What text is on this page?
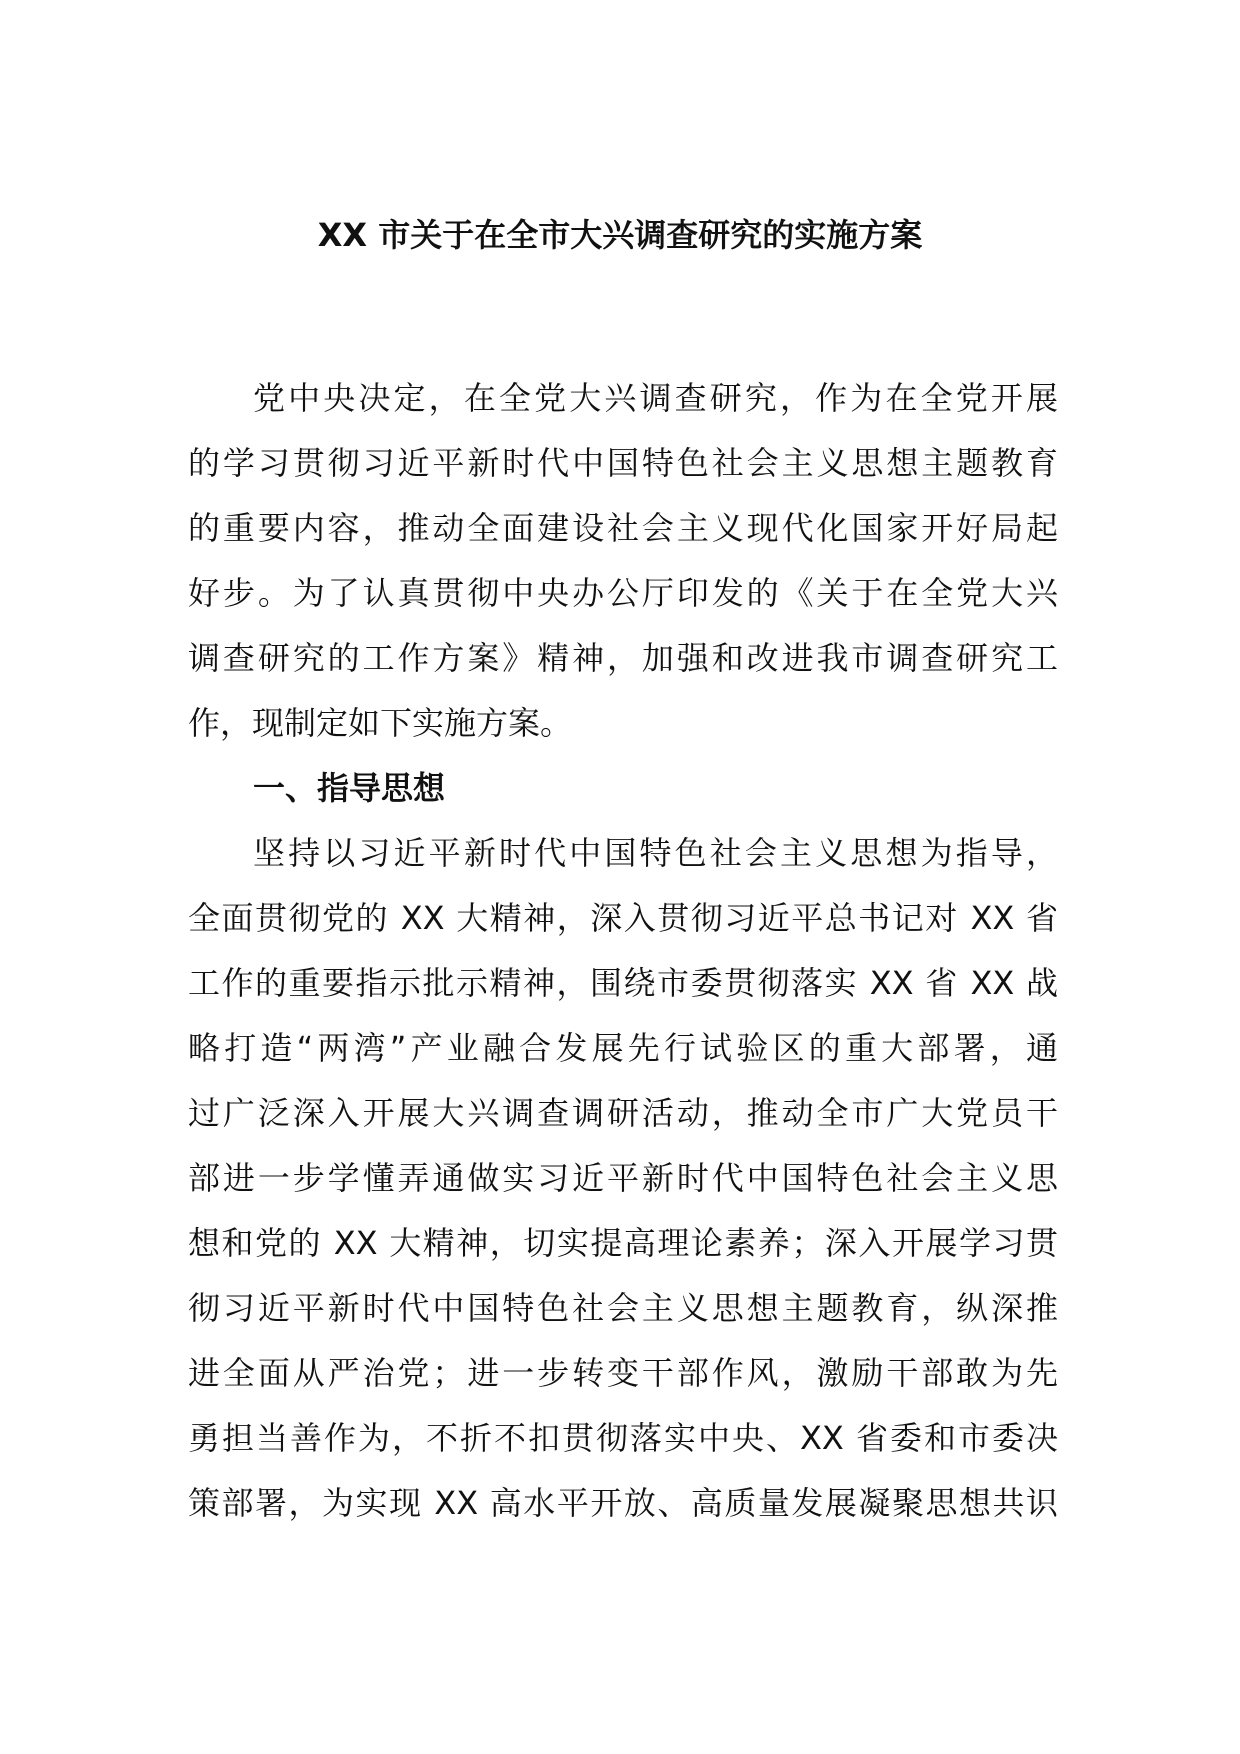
XX 市关于在全市大兴调查研究的实施方案
党中央决定，在全党大兴调查研究，作为在全党开展
的学习贯彻习近平新时代中国特色社会主义思想主题教育
的重要内容，推动全面建设社会主义现代化国家开好局起
好步。为了认真贯彻中央办公厅印发的《关于在全党大兴
调查研究的工作方案》精神，加强和改进我市调查研究工
作，现制定如下实施方案。
一、指导思想
坚持以习近平新时代中国特色社会主义思想为指导，
全面贯彻党的 XX 大精神，深入贯彻习近平总书记对 XX 省
工作的重要指示批示精神，围绕市委贯彻落实 XX 省 XX 战
略打造“两湾”产业融合发展先行试验区的重大部署，通
过广泛深入开展大兴调查调研活动，推动全市广大党员干
部进一步学懂弄通做实习近平新时代中国特色社会主义思
想和党的 XX 大精神，切实提高理论素养；深入开展学习贯
彻习近平新时代中国特色社会主义思想主题教育，纵深推
进全面从严治党；进一步转变干部作风，激励干部敢为先
勇担当善作为，不折不扣贯彻落实中央、XX 省委和市委决
策部署，为实现 XX 高水平开放、高质量发展凝聚思想共识
